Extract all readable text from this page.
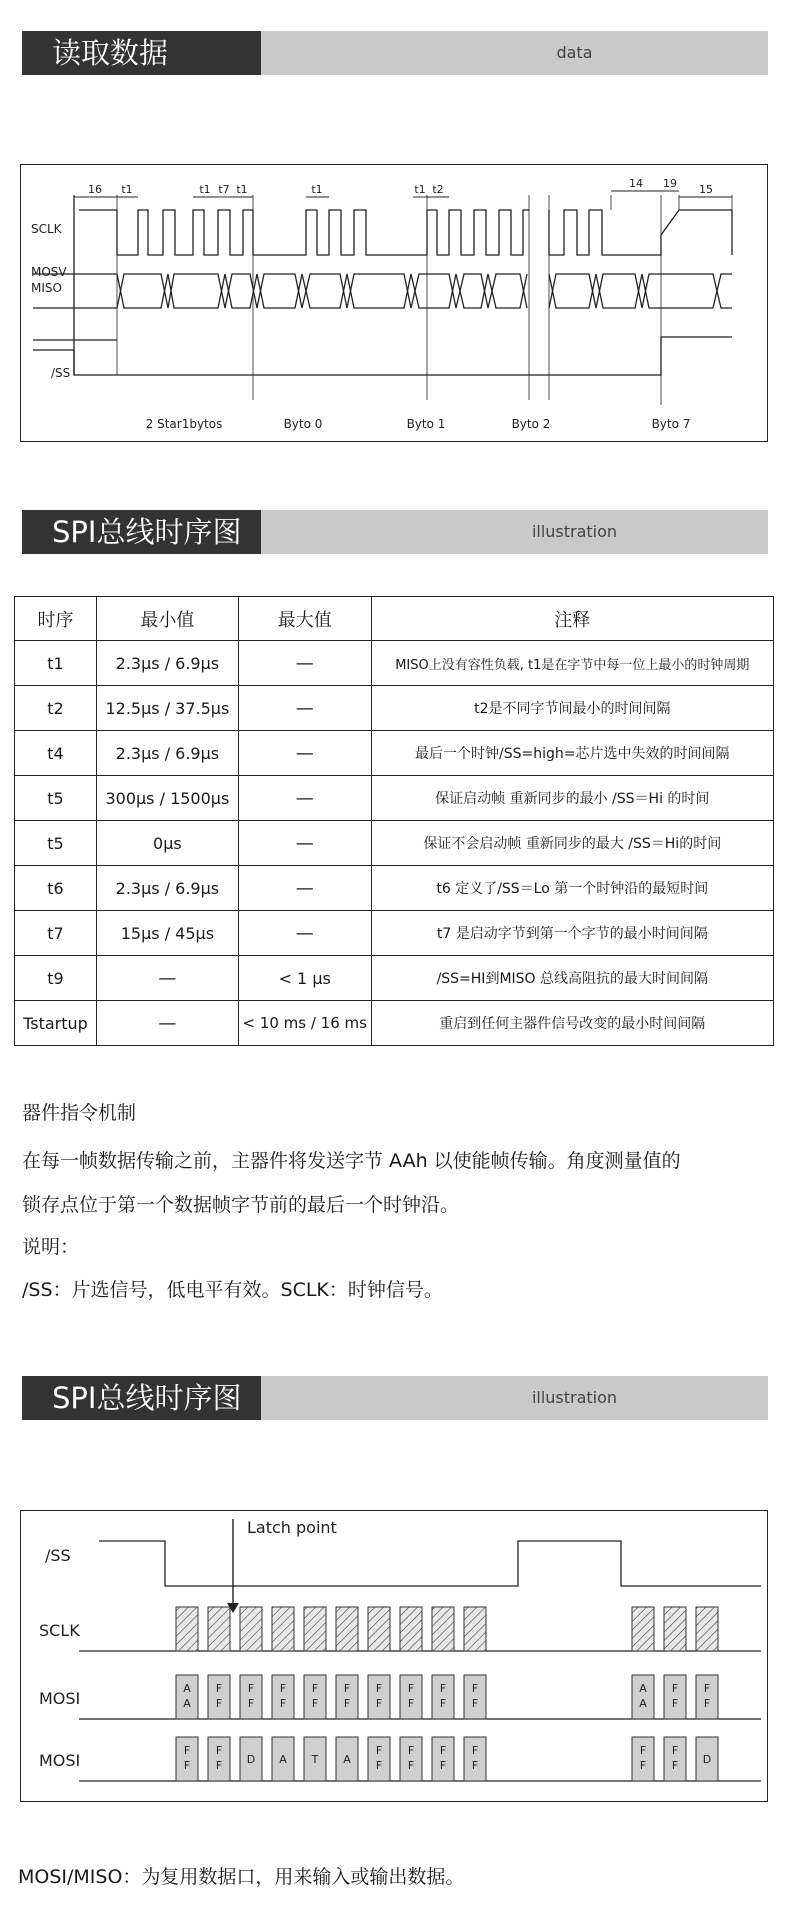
读取数据	data
16 t1	t1 t7 t1	t1	t1 t2	14 19 15
SCLK
MOSV
MISO
/SS
2 Star1bytos	Byto 0	Byto 1	Byto 2	Byto 7
SPI总线时序图	illustration
时序	最小值	最大值	注释
t1	2.3μs / 6.9μs	—	MISO上没有容性负载, t1是在字节中每一位上最小的时钟周期
t2	12.5μs / 37.5μs	—	t2是不同字节间最小的时间间隔
t4	2.3μs / 6.9μs	—	最后一个时钟/SS=high=芯片选中失效的时间间隔
t5	300μs / 1500μs	—	保证启动帧 重新同步的最小 /SS＝Hi 的时间
t5	0μs	—	保证不会启动帧 重新同步的最大 /SS＝Hi的时间
t6	2.3μs / 6.9μs	—	t6 定义了/SS＝Lo 第一个时钟沿的最短时间
t7	15μs / 45μs	—	t7 是启动字节到第一个字节的最小时间间隔
t9	—	< 1 μs	/SS=HI到MISO 总线高阻抗的最大时间间隔
Tstartup	—	< 10 ms / 16 ms	重启到任何主器件信号改变的最小时间间隔
器件指令机制
在每一帧数据传输之前，主器件将发送字节 AAh 以使能帧传输。角度测量值的
锁存点位于第一个数据帧字节前的最后一个时钟沿。
说明：
/SS：片选信号，低电平有效。SCLK：时钟信号。
SPI总线时序图	illustration
/SS
SCLK
MOSI
MOSI
Latch point
A
A
F
F
F
F
F
F
F
F
F
F
F
F
F
F
F
F
F
F
A
A
F
F
F
F
F
F
F
F D A T A
F
F
F
F
F
F
F
F
F
F
F
F D
MOSI/MISO：为复用数据口，用来输入或输出数据。
